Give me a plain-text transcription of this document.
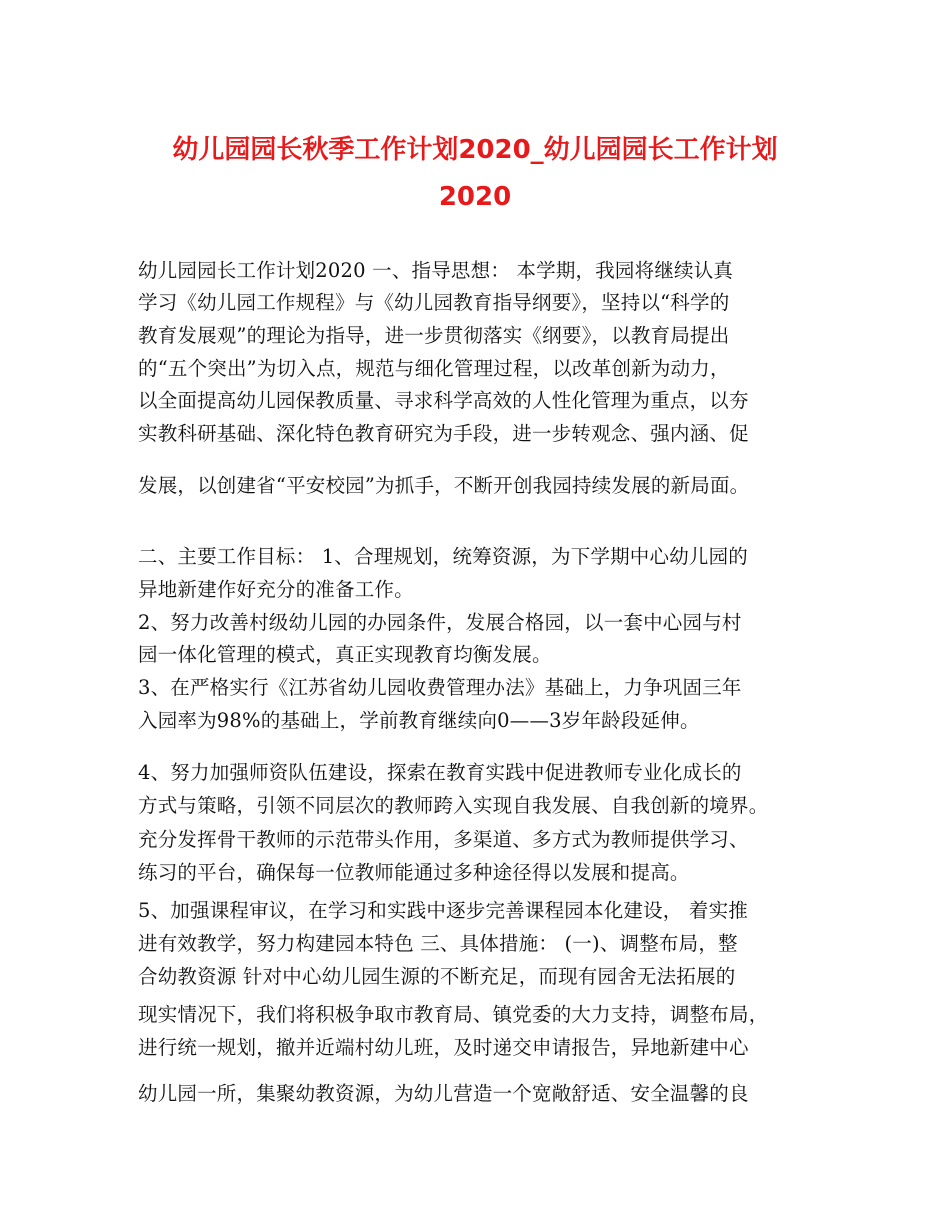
幼儿园园长秋季工作计划2020_幼儿园园长工作计划
2020

幼儿园园长工作计划2020 一、指导思想： 本学期，我园将继续认真

学习《幼儿园工作规程》与《幼儿园教育指导纲要》，坚持以“科学的

教育发展观”的理论为指导，进一步贯彻落实《纲要》，以教育局提出

的“五个突出”为切入点，规范与细化管理过程，以改革创新为动力，

以全面提高幼儿园保教质量、寻求科学高效的人性化管理为重点，以夯

实教科研基础、深化特色教育研究为手段，进一步转观念、强内涵、促

发展，以创建省“平安校园”为抓手，不断开创我园持续发展的新局面。

二、主要工作目标： 1、合理规划，统筹资源，为下学期中心幼儿园的

异地新建作好充分的准备工作。

2、努力改善村级幼儿园的办园条件，发展合格园，以一套中心园与村

园一体化管理的模式，真正实现教育均衡发展。

3、在严格实行《江苏省幼儿园收费管理办法》基础上，力争巩固三年

入园率为98%的基础上，学前教育继续向0——3岁年龄段延伸。

4、努力加强师资队伍建设，探索在教育实践中促进教师专业化成长的

方式与策略，引领不同层次的教师跨入实现自我发展、自我创新的境界。

充分发挥骨干教师的示范带头作用，多渠道、多方式为教师提供学习、

练习的平台，确保每一位教师能通过多种途径得以发展和提高。

5、加强课程审议，在学习和实践中逐步完善课程园本化建设， 着实推

进有效教学，努力构建园本特色 三、具体措施： (一)、调整布局，整

合幼教资源 针对中心幼儿园生源的不断充足，而现有园舍无法拓展的

现实情况下，我们将积极争取市教育局、镇党委的大力支持，调整布局，

进行统一规划，撤并近端村幼儿班，及时递交申请报告，异地新建中心

幼儿园一所，集聚幼教资源，为幼儿营造一个宽敞舒适、安全温馨的良
